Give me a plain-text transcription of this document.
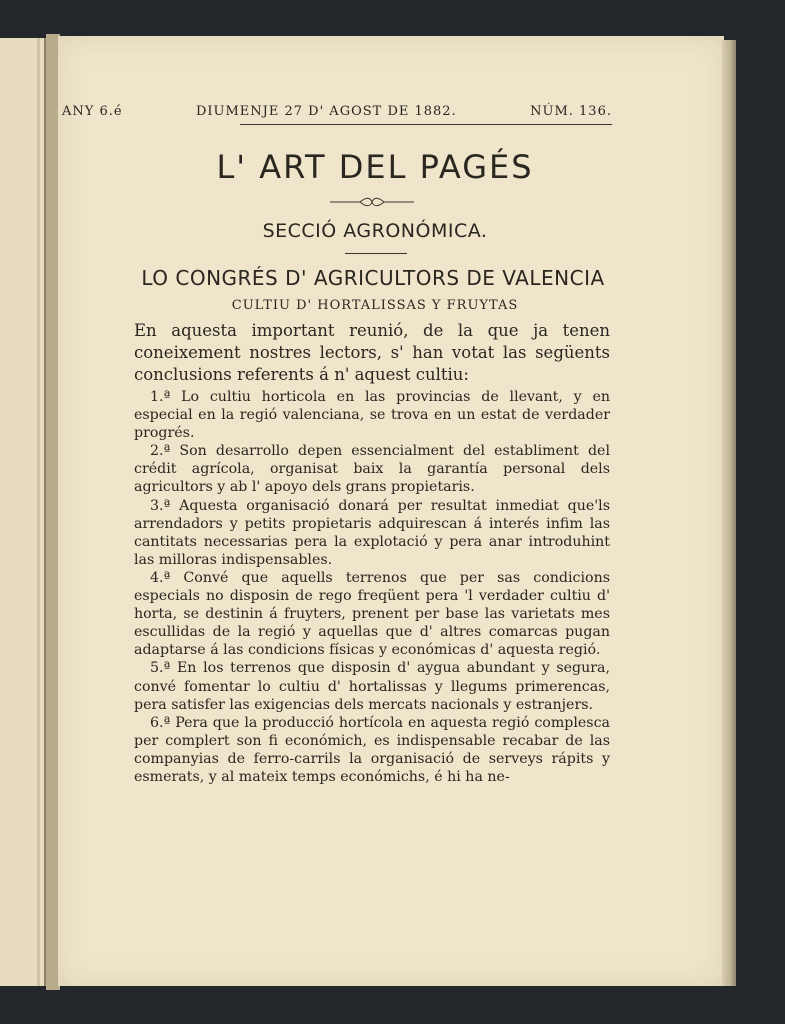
ANY 6.é	DIUMENJE 27 D' AGOST DE 1882.	NÚM. 136.
L' ART DEL PAGÉS
SECCIÓ AGRONÓMICA.
LO CONGRÉS D' AGRICULTORS DE VALENCIA
CULTIU D' HORTALISSAS Y FRUYTAS

En aquesta important reunió, de la que ja tenen coneixement nostres lectors, s' han votat las següents conclusions referents á n' aquest cultiu:

1.ª Lo cultiu horticola en las provincias de llevant, y en especial en la regió valenciana, se trova en un estat de verdader progrés.

2.ª Son desarrollo depen essencialment del establiment del crédit agrícola, organisat baix la garantía personal dels agricultors y ab l' apoyo dels grans propietaris.

3.ª Aquesta organisació donará per resultat inmediat que'ls arrendadors y petits propietaris adquirescan á interés infim las cantitats necessarias pera la explotació y pera anar introduhint las milloras indispensables.

4.ª Convé que aquells terrenos que per sas condicions especials no disposin de rego freqüent pera 'l verdader cultiu d' horta, se destinin á fruyters, prenent per base las varietats mes escullidas de la regió y aquellas que d' altres comarcas pugan adaptarse á las condicions físicas y económicas d' aquesta regió.

5.ª En los terrenos que disposin d' aygua abundant y segura, convé fomentar lo cultiu d' hortalissas y llegums primerencas, pera satisfer las exigencias dels mercats nacionals y estranjers.

6.ª Pera que la producció hortícola en aquesta regió complesca per complert son fi económich, es indispensable recabar de las companyias de ferro-carrils la organisació de serveys rápits y esmerats, y al mateix temps económichs, é hi ha ne-
